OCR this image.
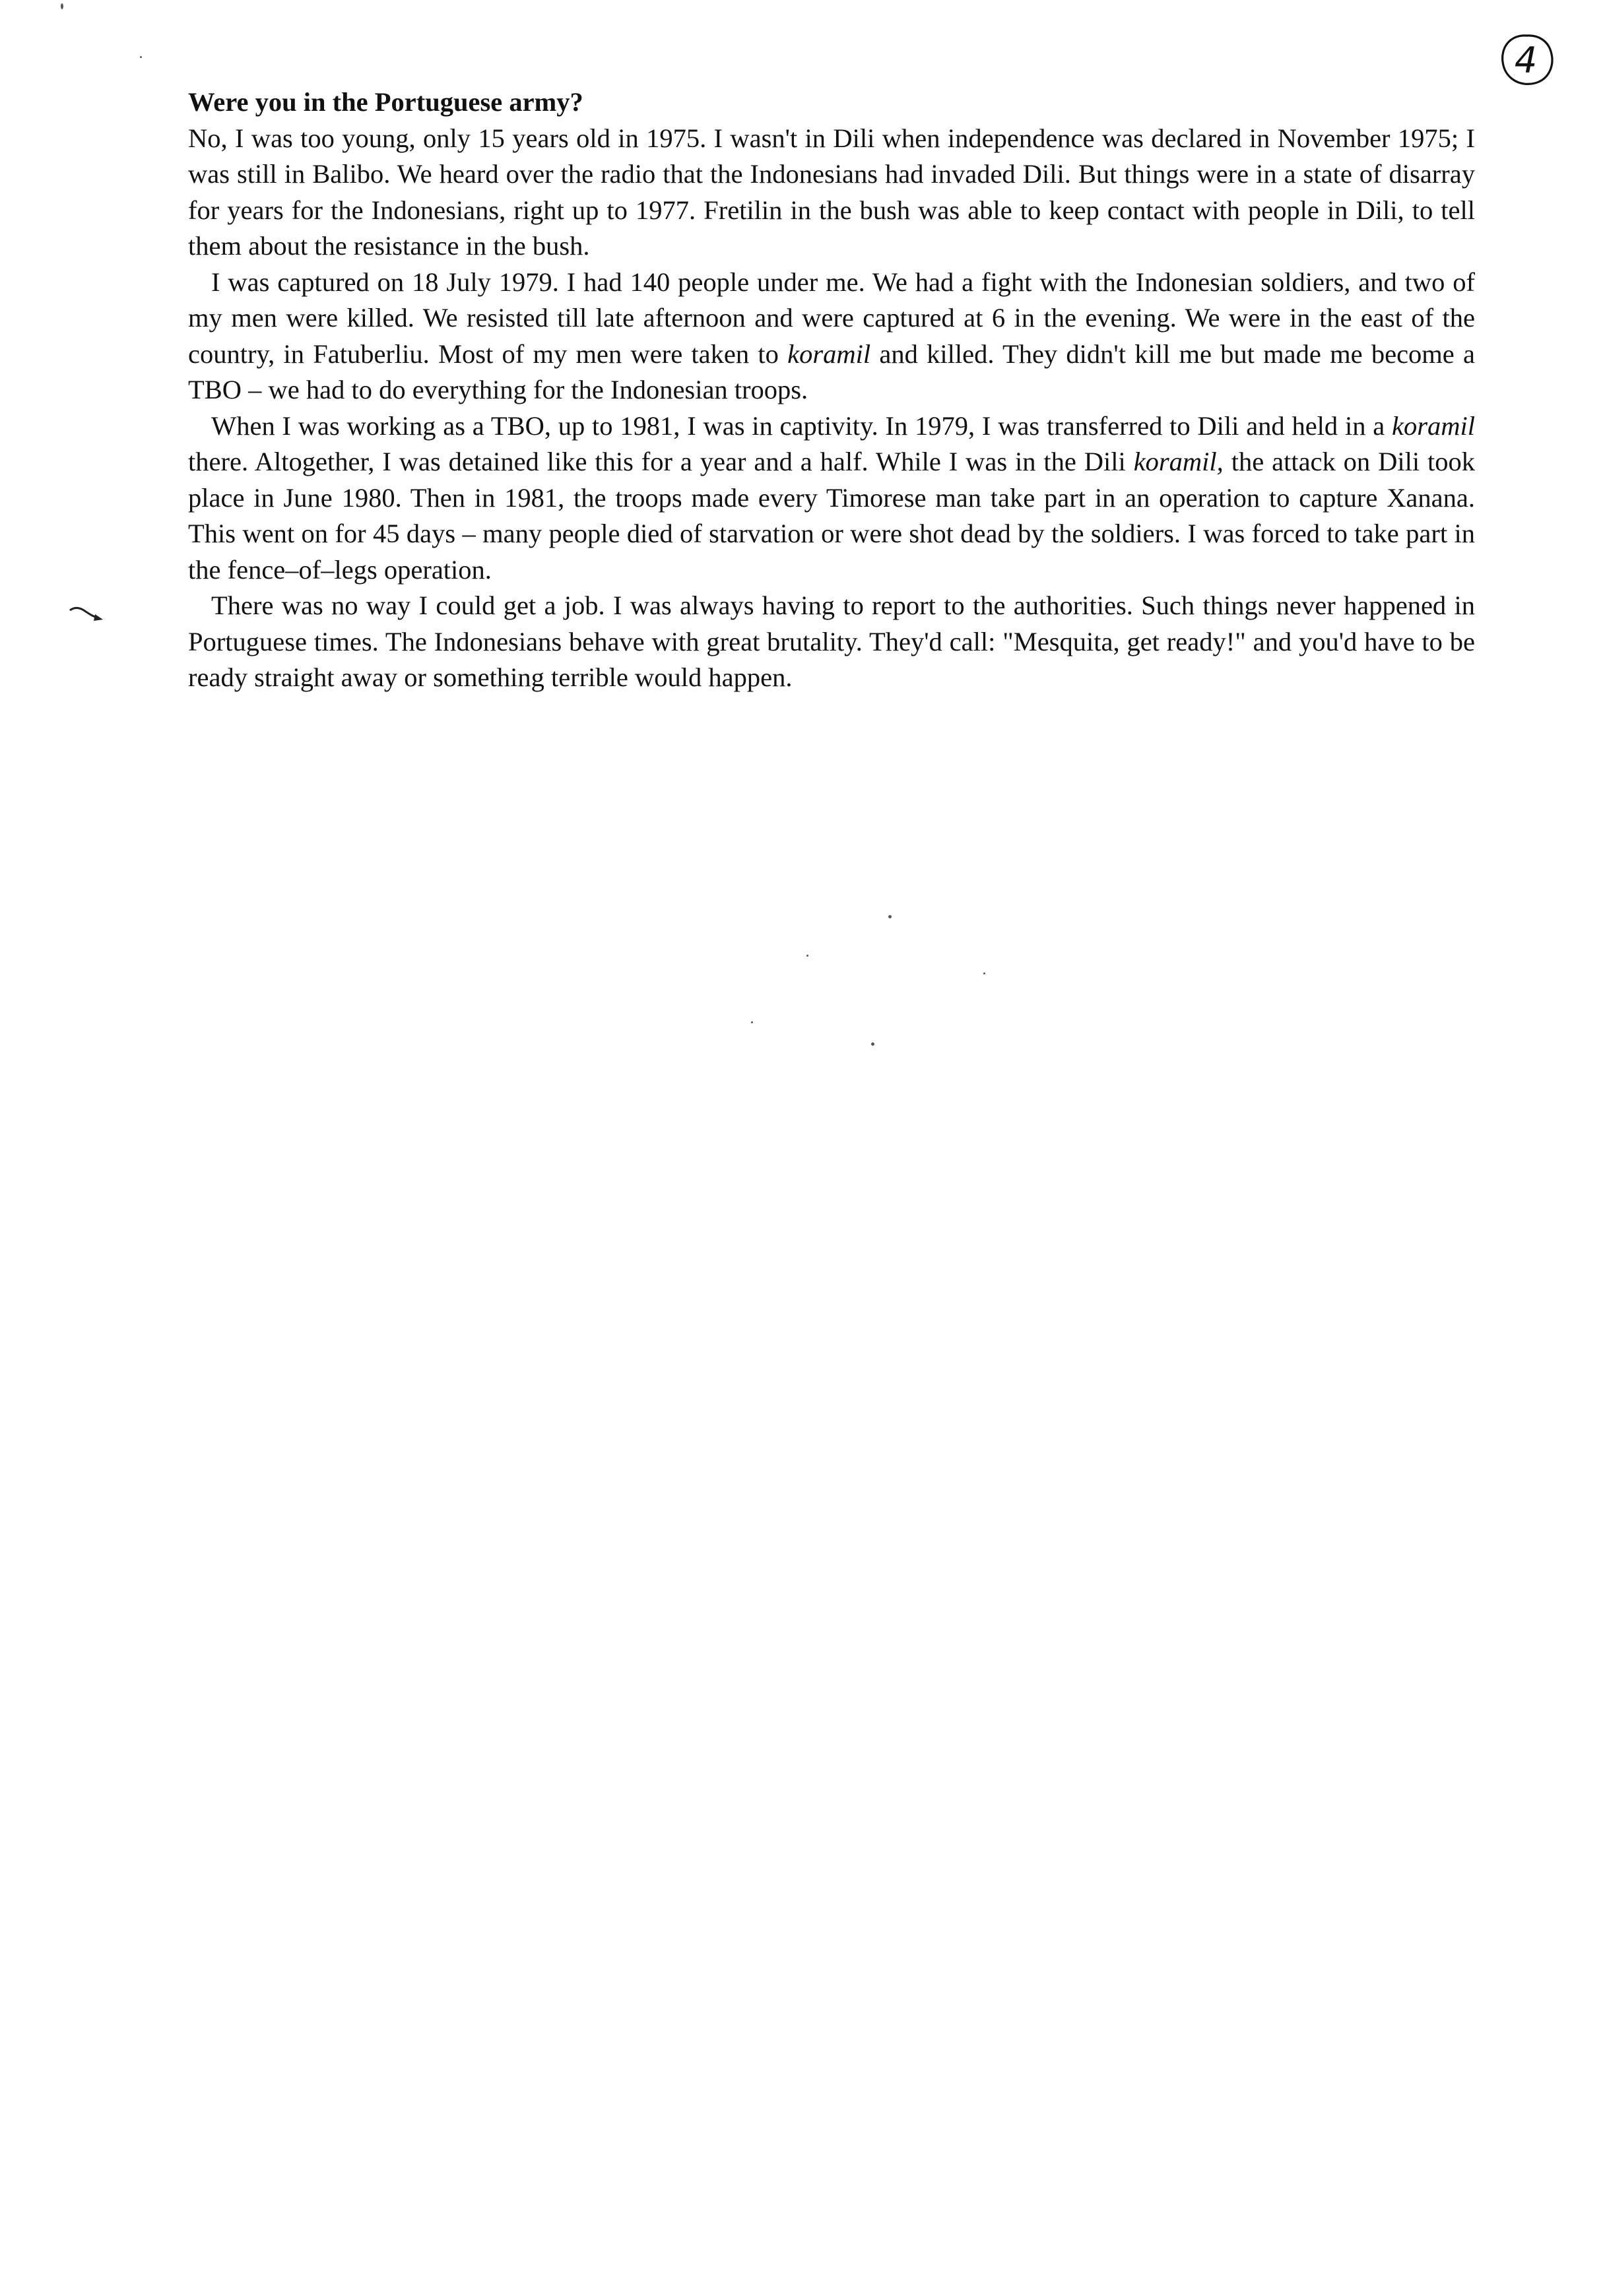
4

Were you in the Portuguese army?

No, I was too young, only 15 years old in 1975. I wasn't in Dili when independence was declared in November 1975; I was still in Balibo. We heard over the radio that the Indonesians had invaded Dili. But things were in a state of disarray for years for the Indonesians, right up to 1977. Fretilin in the bush was able to keep contact with people in Dili, to tell them about the resistance in the bush.

I was captured on 18 July 1979. I had 140 people under me. We had a fight with the Indonesian soldiers, and two of my men were killed. We resisted till late afternoon and were captured at 6 in the evening. We were in the east of the country, in Fatuberliu. Most of my men were taken to koramil and killed. They didn't kill me but made me become a TBO – we had to do everything for the Indonesian troops.

When I was working as a TBO, up to 1981, I was in captivity. In 1979, I was transferred to Dili and held in a koramil there. Altogether, I was detained like this for a year and a half. While I was in the Dili koramil, the attack on Dili took place in June 1980. Then in 1981, the troops made every Timorese man take part in an operation to capture Xanana. This went on for 45 days – many people died of starvation or were shot dead by the soldiers. I was forced to take part in the fence–of–legs operation.

There was no way I could get a job. I was always having to report to the authorities. Such things never happened in Portuguese times. The Indonesians behave with great brutality. They'd call: "Mesquita, get ready!" and you'd have to be ready straight away or something terrible would happen.
